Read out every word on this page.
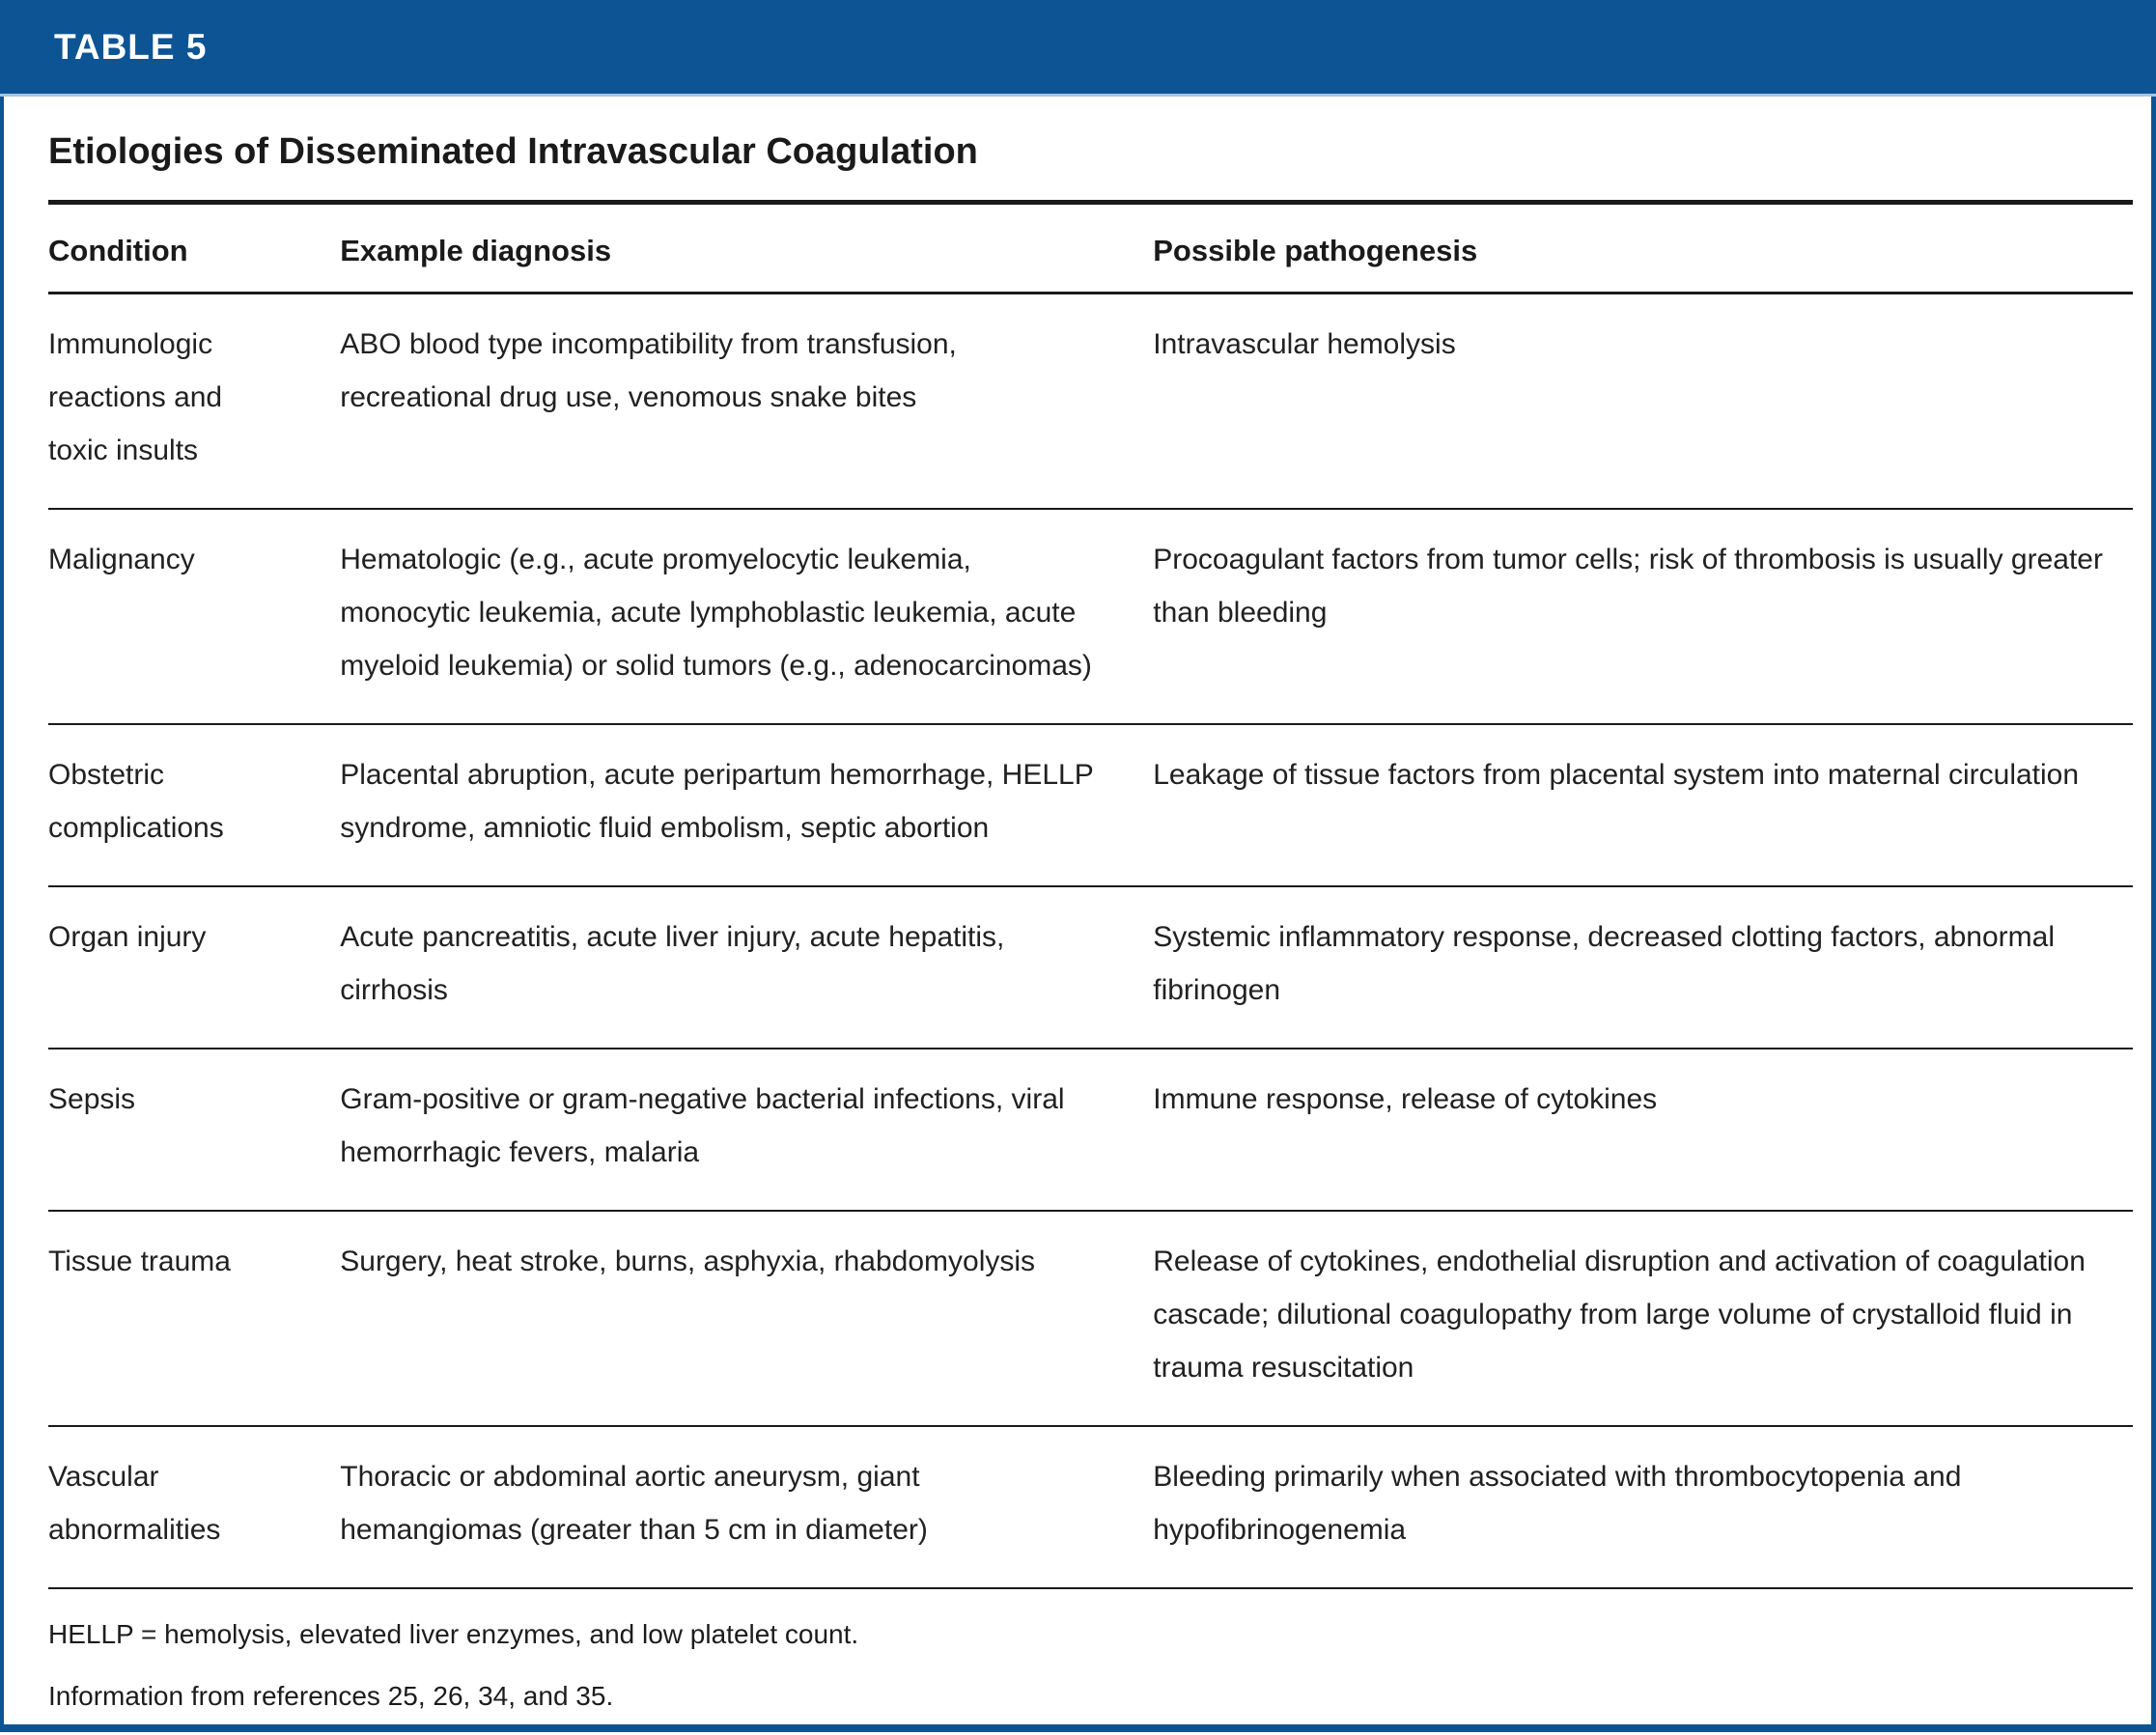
TABLE 5
Etiologies of Disseminated Intravascular Coagulation
Condition	Example diagnosis	Possible pathogenesis
Immunologic reactions and toxic insults	ABO blood type incompatibility from transfusion, recreational drug use, venomous snake bites	Intravascular hemolysis
Malignancy	Hematologic (e.g., acute promyelocytic leukemia, monocytic leukemia, acute lymphoblastic leukemia, acute myeloid leukemia) or solid tumors (e.g., adenocarcinomas)	Procoagulant factors from tumor cells; risk of thrombosis is usually greater than bleeding
Obstetric complications	Placental abruption, acute peripartum hemorrhage, HELLP syndrome, amniotic fluid embolism, septic abortion	Leakage of tissue factors from placental system into maternal circulation
Organ injury	Acute pancreatitis, acute liver injury, acute hepatitis, cirrhosis	Systemic inflammatory response, decreased clotting factors, abnormal fibrinogen
Sepsis	Gram-positive or gram-negative bacterial infections, viral hemorrhagic fevers, malaria	Immune response, release of cytokines
Tissue trauma	Surgery, heat stroke, burns, asphyxia, rhabdomyolysis	Release of cytokines, endothelial disruption and activation of coagulation cascade; dilutional coagulopathy from large volume of crystalloid fluid in trauma resuscitation
Vascular abnormalities	Thoracic or abdominal aortic aneurysm, giant hemangiomas (greater than 5 cm in diameter)	Bleeding primarily when associated with thrombocytopenia and hypofibrinogenemia
HELLP = hemolysis, elevated liver enzymes, and low platelet count.
Information from references 25, 26, 34, and 35.
